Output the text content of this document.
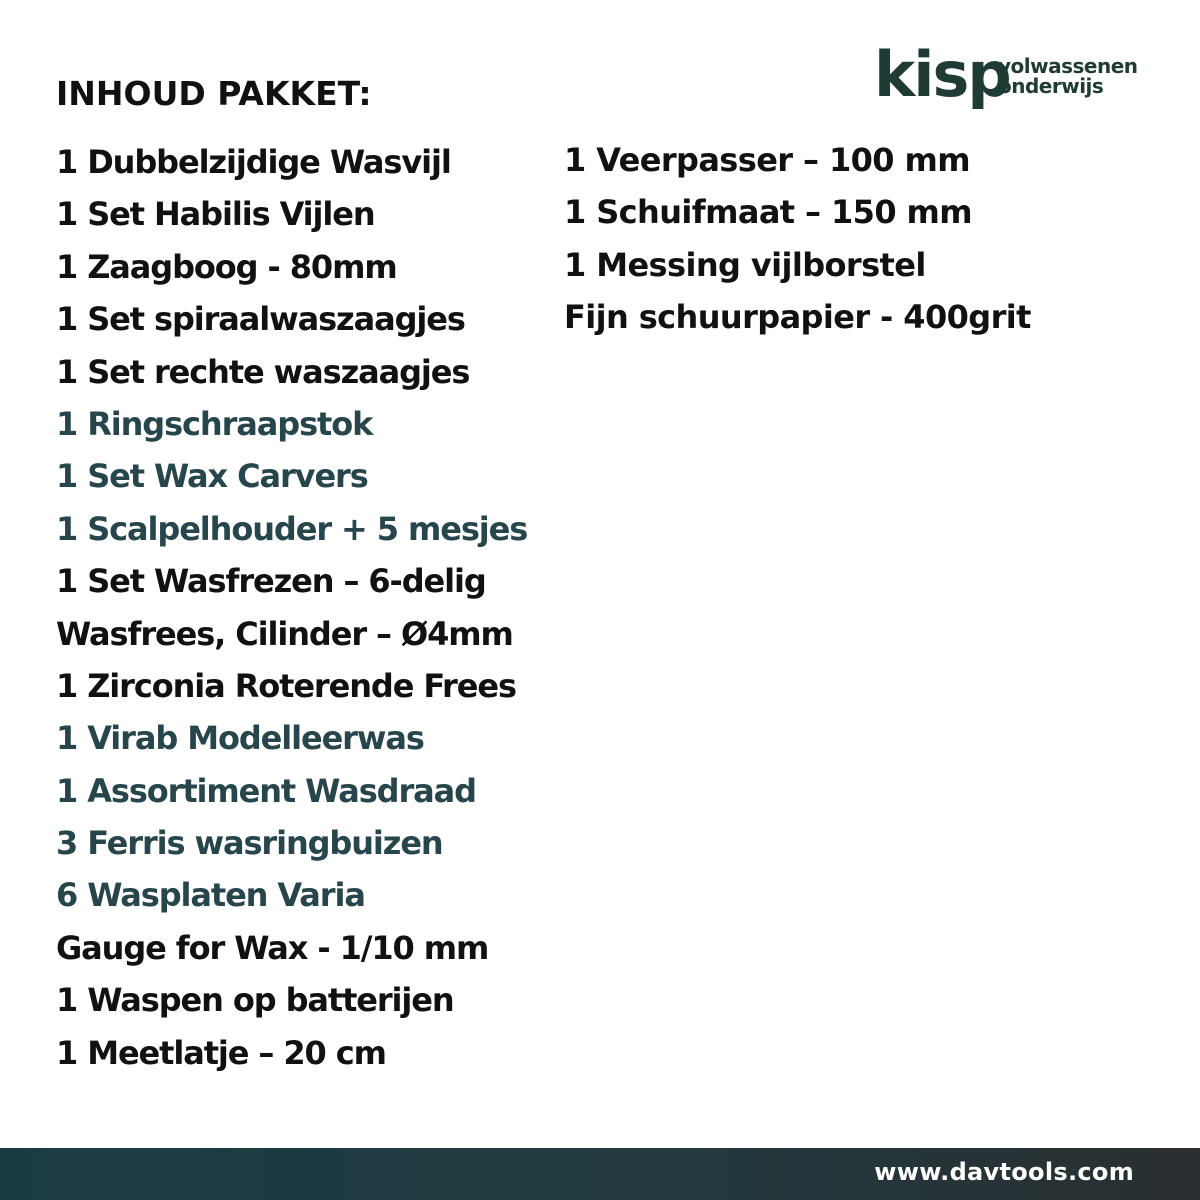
INHOUD PAKKET:	kisp
volwassenen
onderwijs
1 Dubbelzijdige Wasvijl
1 Set Habilis Vijlen
1 Zaagboog - 80mm
1 Set spiraalwaszaagjes
1 Set rechte waszaagjes
1 Ringschraapstok
1 Set Wax Carvers
1 Scalpelhouder + 5 mesjes
1 Set Wasfrezen – 6-delig
Wasfrees, Cilinder – Ø4mm
1 Zirconia Roterende Frees
1 Virab Modelleerwas
1 Assortiment Wasdraad
3 Ferris wasringbuizen
6 Wasplaten Varia
Gauge for Wax - 1/10 mm
1 Waspen op batterijen
1 Meetlatje – 20 cm
1 Veerpasser – 100 mm
1 Schuifmaat – 150 mm
1 Messing vijlborstel
Fijn schuurpapier - 400grit
www.davtools.com
